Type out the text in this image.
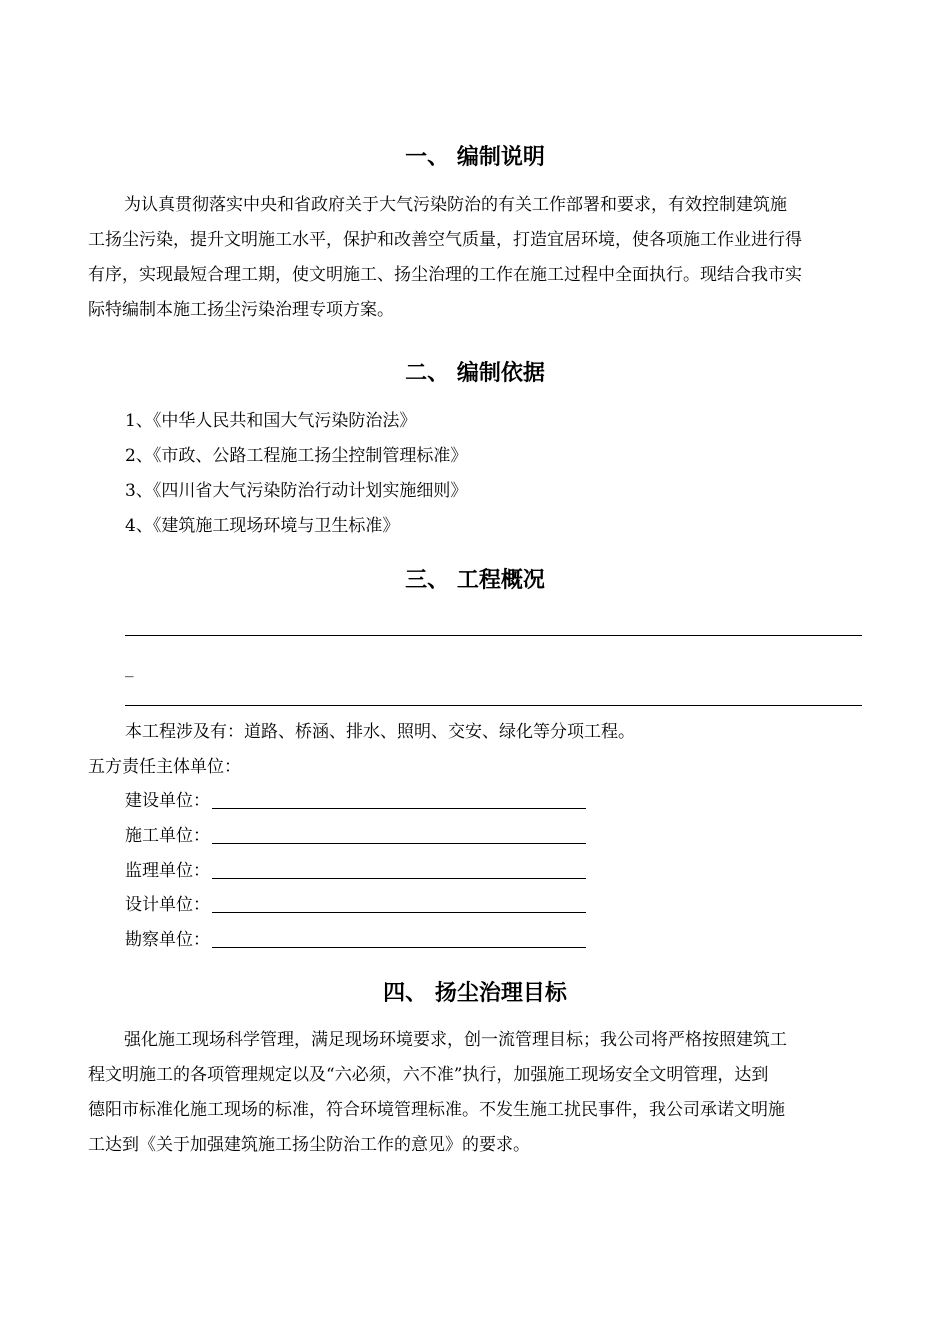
一、 编制说明

为认真贯彻落实中央和省政府关于大气污染防治的有关工作部署和要求，有效控制建筑施

工扬尘污染，提升文明施工水平，保护和改善空气质量，打造宜居环境，使各项施工作业进行得

有序，实现最短合理工期，使文明施工、扬尘治理的工作在施工过程中全面执行。现结合我市实

际特编制本施工扬尘污染治理专项方案。

二、 编制依据

1、《中华人民共和国大气污染防治法》

2、《市政、公路工程施工扬尘控制管理标准》

3、《四川省大气污染防治行动计划实施细则》

4、《建筑施工现场环境与卫生标准》

三、 工程概况
_

本工程涉及有：道路、桥涵、排水、照明、交安、绿化等分项工程。

五方责任主体单位：

建设单位：
施工单位：
监理单位：
设计单位：
勘察单位：
四、 扬尘治理目标

强化施工现场科学管理，满足现场环境要求，创一流管理目标；我公司将严格按照建筑工

程文明施工的各项管理规定以及“六必须，六不准”执行，加强施工现场安全文明管理，达到

德阳市标准化施工现场的标准，符合环境管理标准。不发生施工扰民事件，我公司承诺文明施

工达到《关于加强建筑施工扬尘防治工作的意见》的要求。
